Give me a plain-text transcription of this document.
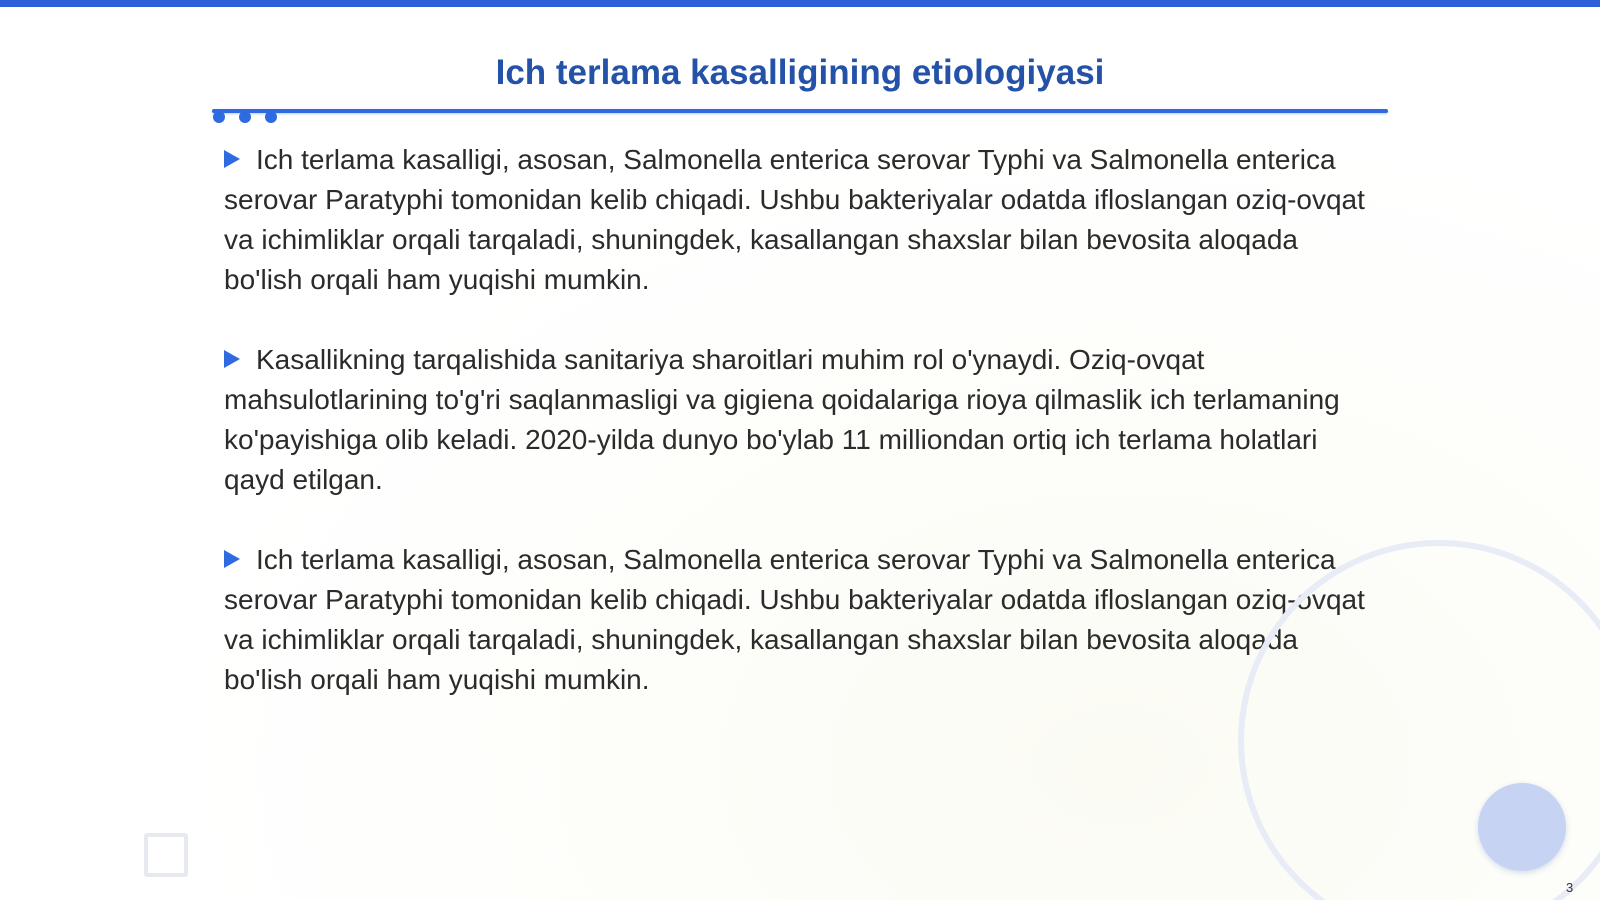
Ich terlama kasalligining etiologiyasi

Ich terlama kasalligi, asosan, Salmonella enterica serovar Typhi va Salmonella enterica serovar Paratyphi tomonidan kelib chiqadi. Ushbu bakteriyalar odatda ifloslangan oziq-ovqat va ichimliklar orqali tarqaladi, shuningdek, kasallangan shaxslar bilan bevosita aloqada bo'lish orqali ham yuqishi mumkin.

Kasallikning tarqalishida sanitariya sharoitlari muhim rol o'ynaydi. Oziq-ovqat mahsulotlarining to'g'ri saqlanmasligi va gigiena qoidalariga rioya qilmaslik ich terlamaning ko'payishiga olib keladi. 2020-yilda dunyo bo'ylab 11 milliondan ortiq ich terlama holatlari qayd etilgan.

Ich terlama kasalligi, asosan, Salmonella enterica serovar Typhi va Salmonella enterica serovar Paratyphi tomonidan kelib chiqadi. Ushbu bakteriyalar odatda ifloslangan oziq-ovqat va ichimliklar orqali tarqaladi, shuningdek, kasallangan shaxslar bilan bevosita aloqada bo'lish orqali ham yuqishi mumkin.

3
